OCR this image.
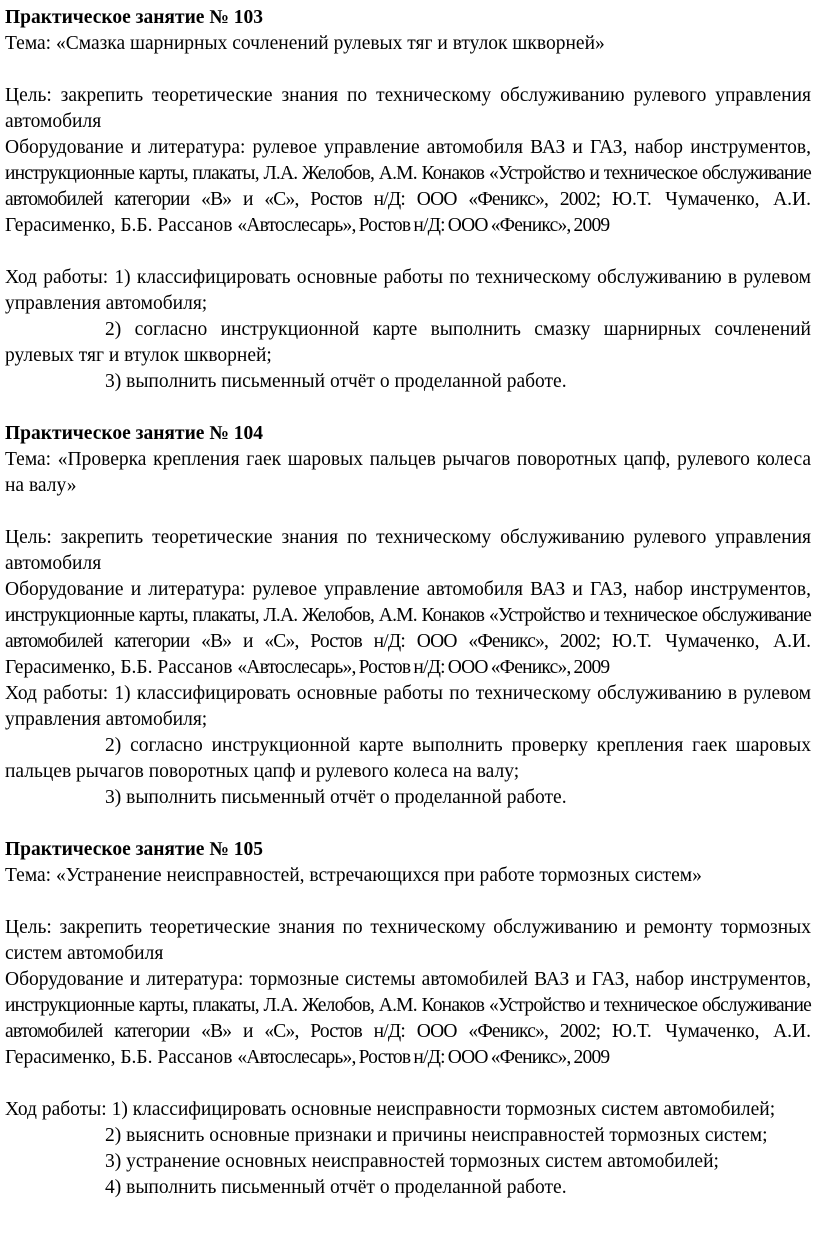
Практическое занятие № 103

Тема: «Смазка шарнирных сочленений рулевых тяг и втулок шкворней»

Цель: закрепить теоретические знания по техническому обслуживанию рулевого управления автомобиля

Оборудование и литература: рулевое управление автомобиля ВАЗ и ГАЗ, набор инструментов, инструкционные карты, плакаты, Л.А. Желобов, А.М. Конаков «Устройство и техническое обслуживание автомобилей категории «В» и «С», Ростов н/Д: ООО «Феникс», 2002; Ю.Т. Чумаченко, А.И. Герасименко, Б.Б. Рассанов «Автослесарь», Ростов н/Д: ООО «Феникс», 2009

Ход работы: 1) классифицировать основные работы по техническому обслуживанию в рулевом управления автомобиля;

2) согласно инструкционной карте выполнить смазку шарнирных сочленений рулевых тяг и втулок шкворней;

3) выполнить письменный отчёт о проделанной работе.

Практическое занятие № 104

Тема: «Проверка крепления гаек шаровых пальцев рычагов поворотных цапф, рулевого колеса на валу»

Цель: закрепить теоретические знания по техническому обслуживанию рулевого управления автомобиля

Оборудование и литература: рулевое управление автомобиля ВАЗ и ГАЗ, набор инструментов, инструкционные карты, плакаты, Л.А. Желобов, А.М. Конаков «Устройство и техническое обслуживание автомобилей категории «В» и «С», Ростов н/Д: ООО «Феникс», 2002; Ю.Т. Чумаченко, А.И. Герасименко, Б.Б. Рассанов «Автослесарь», Ростов н/Д: ООО «Феникс», 2009

Ход работы: 1) классифицировать основные работы по техническому обслуживанию в рулевом управления автомобиля;

2) согласно инструкционной карте выполнить проверку крепления гаек шаровых пальцев рычагов поворотных цапф и рулевого колеса на валу;

3) выполнить письменный отчёт о проделанной работе.

Практическое занятие № 105

Тема: «Устранение неисправностей, встречающихся при работе тормозных систем»

Цель: закрепить теоретические знания по техническому обслуживанию и ремонту тормозных систем автомобиля

Оборудование и литература: тормозные системы автомобилей ВАЗ и ГАЗ, набор инструментов, инструкционные карты, плакаты, Л.А. Желобов, А.М. Конаков «Устройство и техническое обслуживание автомобилей категории «В» и «С», Ростов н/Д: ООО «Феникс», 2002; Ю.Т. Чумаченко, А.И. Герасименко, Б.Б. Рассанов «Автослесарь», Ростов н/Д: ООО «Феникс», 2009

Ход работы: 1) классифицировать основные неисправности тормозных систем автомобилей;

2) выяснить основные признаки и причины неисправностей тормозных систем;

3) устранение основных неисправностей тормозных систем автомобилей;

4) выполнить письменный отчёт о проделанной работе.
